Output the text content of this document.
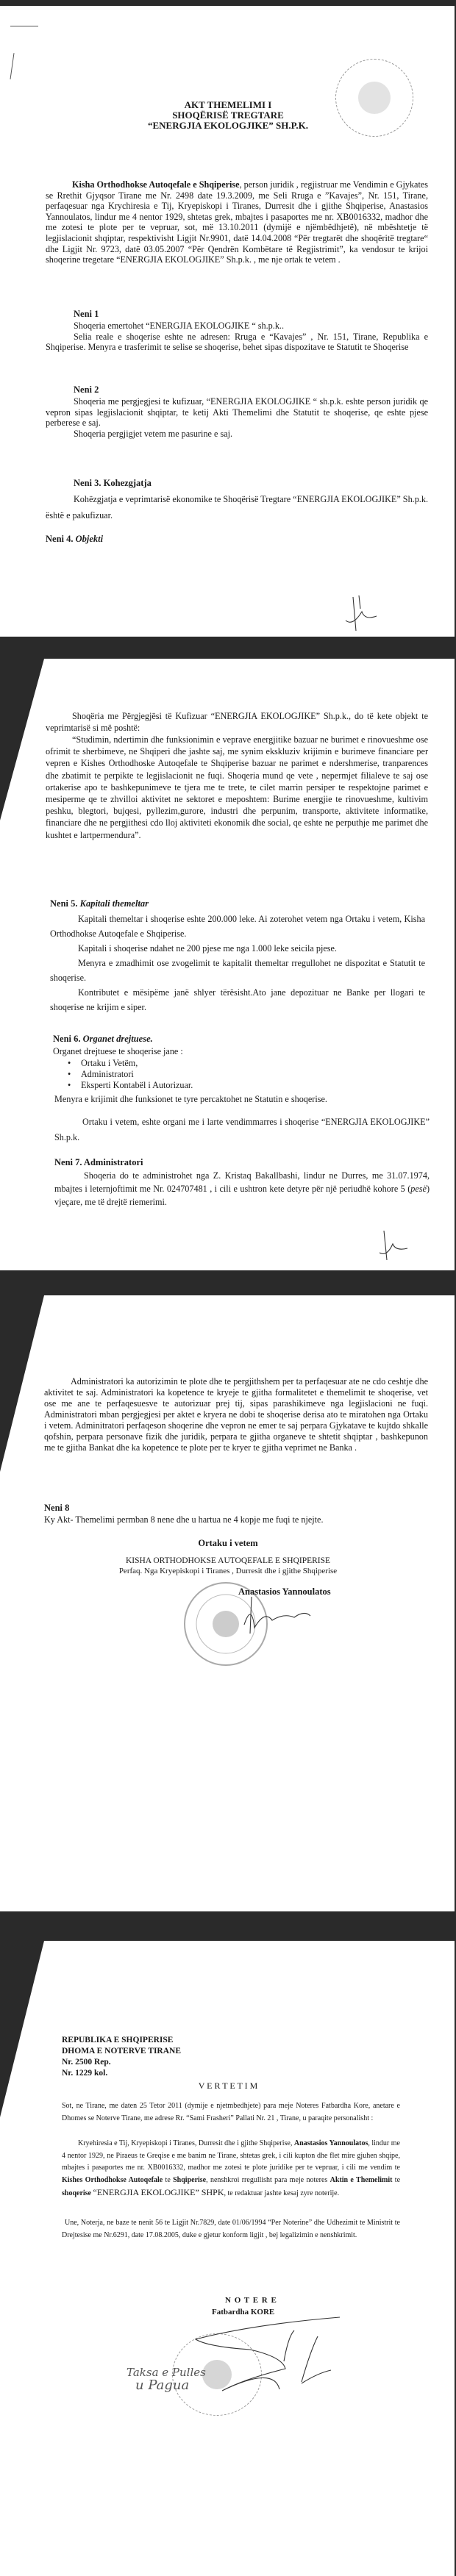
AKT THEMELIMI I
SHOQËRISË TREGTARE
“ENERGJIA EKOLOGJIKE” SH.P.K.
Kisha Orthodhokse Autoqefale e Shqiperise, person juridik , regjistruar me Vendimin e Gjykates se Rrethit Gjyqsor Tirane me Nr. 2498 date 19.3.2009, me Seli Rruga e ”Kavajes”, Nr. 151, Tirane, perfaqesuar nga Krychiresia e Tij, Kryepiskopi i Tiranes, Durresit dhe i gjithe Shqiperise, Anastasios Yannoulatos, lindur me 4 nentor 1929, shtetas grek, mbajtes i pasaportes me nr. XB0016332, madhor dhe me zotesi te plote per te vepruar, sot, më 13.10.2011 (dymijë e njëmbëdhjetë), në mbështetje të legjislacionit shqiptar, respektivisht Ligjit Nr.9901, datë 14.04.2008 “Për tregtarët dhe shoqëritë tregtare“ dhe Ligjit Nr. 9723, datë 03.05.2007 “Për Qendrën Kombëtare të Regjistrimit”, ka vendosur te krijoi shoqerine tregetare “ENERGJIA EKOLOGJIKE” Sh.p.k. , me nje ortak te vetem .
Neni 1
Shoqeria emertohet “ENERGJIA EKOLOGJIKE “ sh.p.k..
Selia reale e shoqerise eshte ne adresen: Rruga e “Kavajes” , Nr. 151, Tirane, Republika e Shqiperise. Menyra e trasferimit te selise se shoqerise, behet sipas dispozitave te Statutit te Shoqerise
Neni 2
Shoqeria me pergjegjesi te kufizuar, “ENERGJIA EKOLOGJIKE “ sh.p.k. eshte person juridik qe vepron sipas legjislacionit shqiptar, te ketij Akti Themelimi dhe Statutit te shoqerise, qe eshte pjese perberese e saj.
Shoqeria pergjigjet vetem me pasurine e saj.
Neni 3. Kohezgjatja
Kohëzgjatja e veprimtarisë ekonomike te Shoqërisë Tregtare “ENERGJIA EKOLOGJIKE” Sh.p.k. është e pakufizuar.
Neni 4. Objekti
Shoqëria me Përgjegjësi të Kufizuar “ENERGJIA EKOLOGJIKE” Sh.p.k., do të kete objekt te veprimtarisë si më poshtë:
“Studimin, ndertimin dhe funksionimin e veprave energjitike bazuar ne burimet e rinovueshme ose ofrimit te sherbimeve, ne Shqiperi dhe jashte saj, me synim ekskluziv krijimin e burimeve financiare per vepren e Kishes Orthodhoske Autoqefale te Shqiperise bazuar ne parimet e ndershmerise, tranparences dhe zbatimit te perpikte te legjislacionit ne fuqi. Shoqeria mund qe vete , nepermjet filialeve te saj ose ortakerise apo te bashkepunimeve te tjera me te trete, te cilet marrin persiper te respektojne parimet e mesiperme qe te zhvilloi aktivitet ne sektoret e meposhtem: Burime energjie te rinovueshme, kultivim peshku, blegtori, bujqesi, pyllezim,gurore, industri dhe perpunim, transporte, aktivitete informatike, financiare dhe ne pergjithesi cdo lloj aktiviteti ekonomik dhe social, qe eshte ne perputhje me parimet dhe kushtet e lartpermendura”.
Neni 5. Kapitali themeltar
Kapitali themeltar i shoqerise eshte 200.000 leke. Ai zoterohet vetem nga Ortaku i vetem, Kisha Orthodhokse Autoqefale e Shqiperise.
Kapitali i shoqerise ndahet ne 200 pjese me nga 1.000 leke seicila pjese.
Menyra e zmadhimit ose zvogelimit te kapitalit themeltar rregullohet ne dispozitat e Statutit te shoqerise.
Kontributet e mësipëme janë shlyer tërësisht.Ato jane depozituar ne Banke per llogari te shoqerise ne krijim e siper.
Neni 6. Organet drejtuese.
Organet drejtuese te shoqerise jane :
• Ortaku i Vetëm,
• Administratori
• Eksperti Kontabël i Autorizuar.
Menyra e krijimit dhe funksionet te tyre percaktohet ne Statutin e shoqerise.
Ortaku i vetem, eshte organi me i larte vendimmarres i shoqerise “ENERGJIA EKOLOGJIKE” Sh.p.k.
Neni 7. Administratori
Shoqeria do te administrohet nga Z. Kristaq Bakallbashi, lindur ne Durres, me 31.07.1974, mbajtes i leternjoftimit me Nr. 024707481 , i cili e ushtron kete detyre për një periudhë kohore 5 (pesë) vjeçare, me të drejtë riemerimi.
Administratori ka autorizimin te plote dhe te pergjithshem per ta perfaqesuar ate ne cdo ceshtje dhe aktivitet te saj. Administratori ka kopetence te kryeje te gjitha formalitetet e themelimit te shoqerise, vet ose me ane te perfaqesuesve te autorizuar prej tij, sipas parashikimeve nga legjislacioni ne fuqi. Administratori mban pergjegjesi per aktet e kryera ne dobi te shoqerise derisa ato te miratohen nga Ortaku i vetem. Adminitratori perfaqeson shoqerine dhe vepron ne emer te saj perpara Gjykatave te kujtdo shkalle qofshin, perpara personave fizik dhe juridik, perpara te gjitha organeve te shtetit shqiptar , bashkepunon me te gjitha Bankat dhe ka kopetence te plote per te kryer te gjitha veprimet ne Banka .
Neni 8
Ky Akt- Themelimi permban 8 nene dhe u hartua ne 4 kopje me fuqi te njejte.
Ortaku i vetem
KISHA ORTHODHOKSE AUTOQEFALE E SHQIPERISE
Perfaq. Nga Kryepiskopi i Tiranes , Durresit dhe i gjithe Shqiperise
Anastasios Yannoulatos
REPUBLIKA E SHQIPERISE
DHOMA E NOTERVE TIRANE
Nr. 2500 Rep.
Nr. 1229 kol.
V E R T E T I M
Sot, ne Tirane, me daten 25 Tetor 2011 (dymije e njetmbedhjete) para meje Noteres Fatbardha Kore, anetare e Dhomes se Noterve Tirane, me adrese Rr. “Sami Frasheri” Pallati Nr. 21 , Tirane, u paraqite personalisht :
Kryehiresia e Tij, Kryepiskopi i Tiranes, Durresit dhe i gjithe Shqiperise, Anastasios Yannoulatos, lindur me 4 nentor 1929, ne Piraeus te Greqise e me banim ne Tirane, shtetas grek, i cili kupton dhe flet mire gjuhen shqipe, mbajtes i pasaportes me nr. XB0016332, madhor me zotesi te plote juridike per te vepruar, i cili me vendim te Kishes Orthodhokse Autoqefale te Shqiperise, nenshkroi rregullisht para meje noteres Aktin e Themelimit te shoqerise “ENERGJIA EKOLOGJIKE” SHPK, te redaktuar jashte kesaj zyre noterije.
Une, Noterja, ne baze te nenit 56 te Ligjit Nr.7829, date 01/06/1994 “Per Noterine” dhe Udhezimit te Ministrit te Drejtesise me Nr.6291, date 17.08.2005, duke e gjetur konform ligjit , bej legalizimin e nenshkrimit.
N O T E R E
Fatbardha KORE
Taksa e Pulles
u Pagua
